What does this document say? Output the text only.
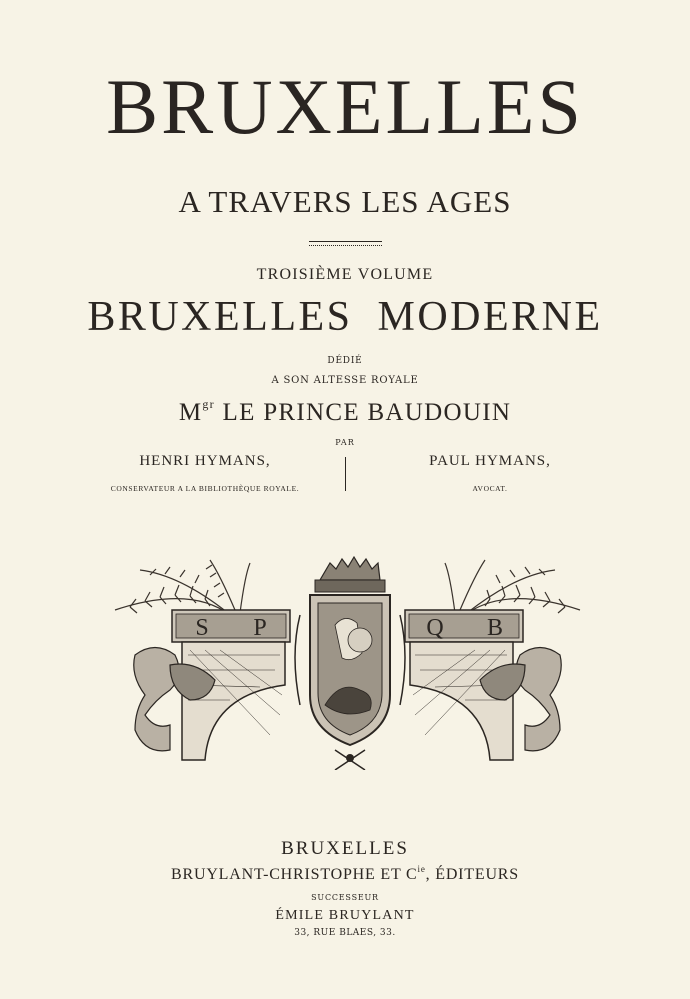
BRUXELLES
A TRAVERS LES AGES
TROISIÈME VOLUME
BRUXELLES MODERNE
DÉDIÉ
A SON ALTESSE ROYALE
$M^{gr}$ LE PRINCE BAUDOUIN
PAR
HENRI HYMANS,
CONSERVATEUR A LA BIBLIOTHÈQUE ROYALE.
PAUL HYMANS,
AVOCAT.
S P	Q B
BRUXELLES
BRUYLANT-CHRISTOPHE ET $C^{ie}$, ÉDITEURS
SUCCESSEUR
ÉMILE BRUYLANT
33, RUE BLAES, 33.
